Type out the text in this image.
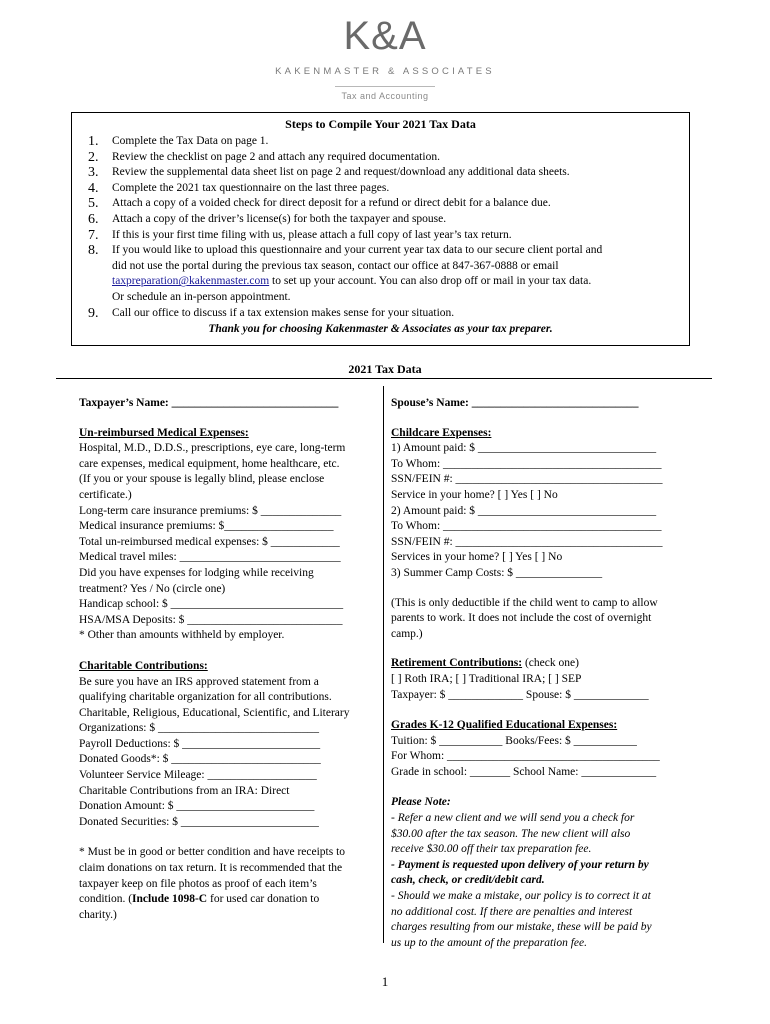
K&A
KAKENMASTER & ASSOCIATES
Tax and Accounting
Steps to Compile Your 2021 Tax Data
1. Complete the Tax Data on page 1.
2. Review the checklist on page 2 and attach any required documentation.
3. Review the supplemental data sheet list on page 2 and request/download any additional data sheets.
4. Complete the 2021 tax questionnaire on the last three pages.
5. Attach a copy of a voided check for direct deposit for a refund or direct debit for a balance due.
6. Attach a copy of the driver’s license(s) for both the taxpayer and spouse.
7. If this is your first time filing with us, please attach a full copy of last year’s tax return.
8. If you would like to upload this questionnaire and your current year tax data to our secure client portal and
did not use the portal during the previous tax season, contact our office at 847-367-0888 or email
taxpreparation@kakenmaster.com to set up your account. You can also drop off or mail in your tax data.
Or schedule an in-person appointment.
9. Call our office to discuss if a tax extension makes sense for your situation.
Thank you for choosing Kakenmaster & Associates as your tax preparer.
2021 Tax Data

Taxpayer’s Name: _____________________________

Un-reimbursed Medical Expenses:

Hospital, M.D., D.D.S., prescriptions, eye care, long-term

care expenses, medical equipment, home healthcare, etc.

(If you or your spouse is legally blind, please enclose

certificate.)

Long-term care insurance premiums: $ ______________

Medical insurance premiums: $___________________

Total un-reimbursed medical expenses: $ ____________

Medical travel miles: ____________________________

Did you have expenses for lodging while receiving

treatment? Yes / No (circle one)

Handicap school: $ ______________________________

HSA/MSA Deposits: $ ___________________________

* Other than amounts withheld by employer.

Charitable Contributions:

Be sure you have an IRS approved statement from a

qualifying charitable organization for all contributions.

Charitable, Religious, Educational, Scientific, and Literary

Organizations: $ ____________________________

Payroll Deductions: $ ________________________

Donated Goods*: $ __________________________

Volunteer Service Mileage: ___________________

Charitable Contributions from an IRA: Direct

Donation Amount: $ ________________________

Donated Securities: $ ________________________

* Must be in good or better condition and have receipts to

claim donations on tax return. It is recommended that the

taxpayer keep on file photos as proof of each item’s

condition. (Include 1098-C for used car donation to

charity.)

Spouse’s Name: _____________________________

Childcare Expenses:

1) Amount paid: $ _______________________________

To Whom: ______________________________________

SSN/FEIN #: ____________________________________

Service in your home? [ ] Yes [ ] No

2) Amount paid: $ _______________________________

To Whom: ______________________________________

SSN/FEIN #: ____________________________________

Services in your home? [ ] Yes [ ] No

3) Summer Camp Costs: $ _______________

(This is only deductible if the child went to camp to allow

parents to work. It does not include the cost of overnight

camp.)

Retirement Contributions: (check one)

[ ] Roth IRA; [ ] Traditional IRA; [ ] SEP

Taxpayer: $ _____________ Spouse: $ _____________

Grades K-12 Qualified Educational Expenses:

Tuition: $ ___________ Books/Fees: $ ___________

For Whom: _____________________________________

Grade in school: _______ School Name: _____________

Please Note:

- Refer a new client and we will send you a check for

$30.00 after the tax season. The new client will also

receive $30.00 off their tax preparation fee.

- Payment is requested upon delivery of your return by

cash, check, or credit/debit card.

- Should we make a mistake, our policy is to correct it at

no additional cost. If there are penalties and interest

charges resulting from our mistake, these will be paid by

us up to the amount of the preparation fee.

1
